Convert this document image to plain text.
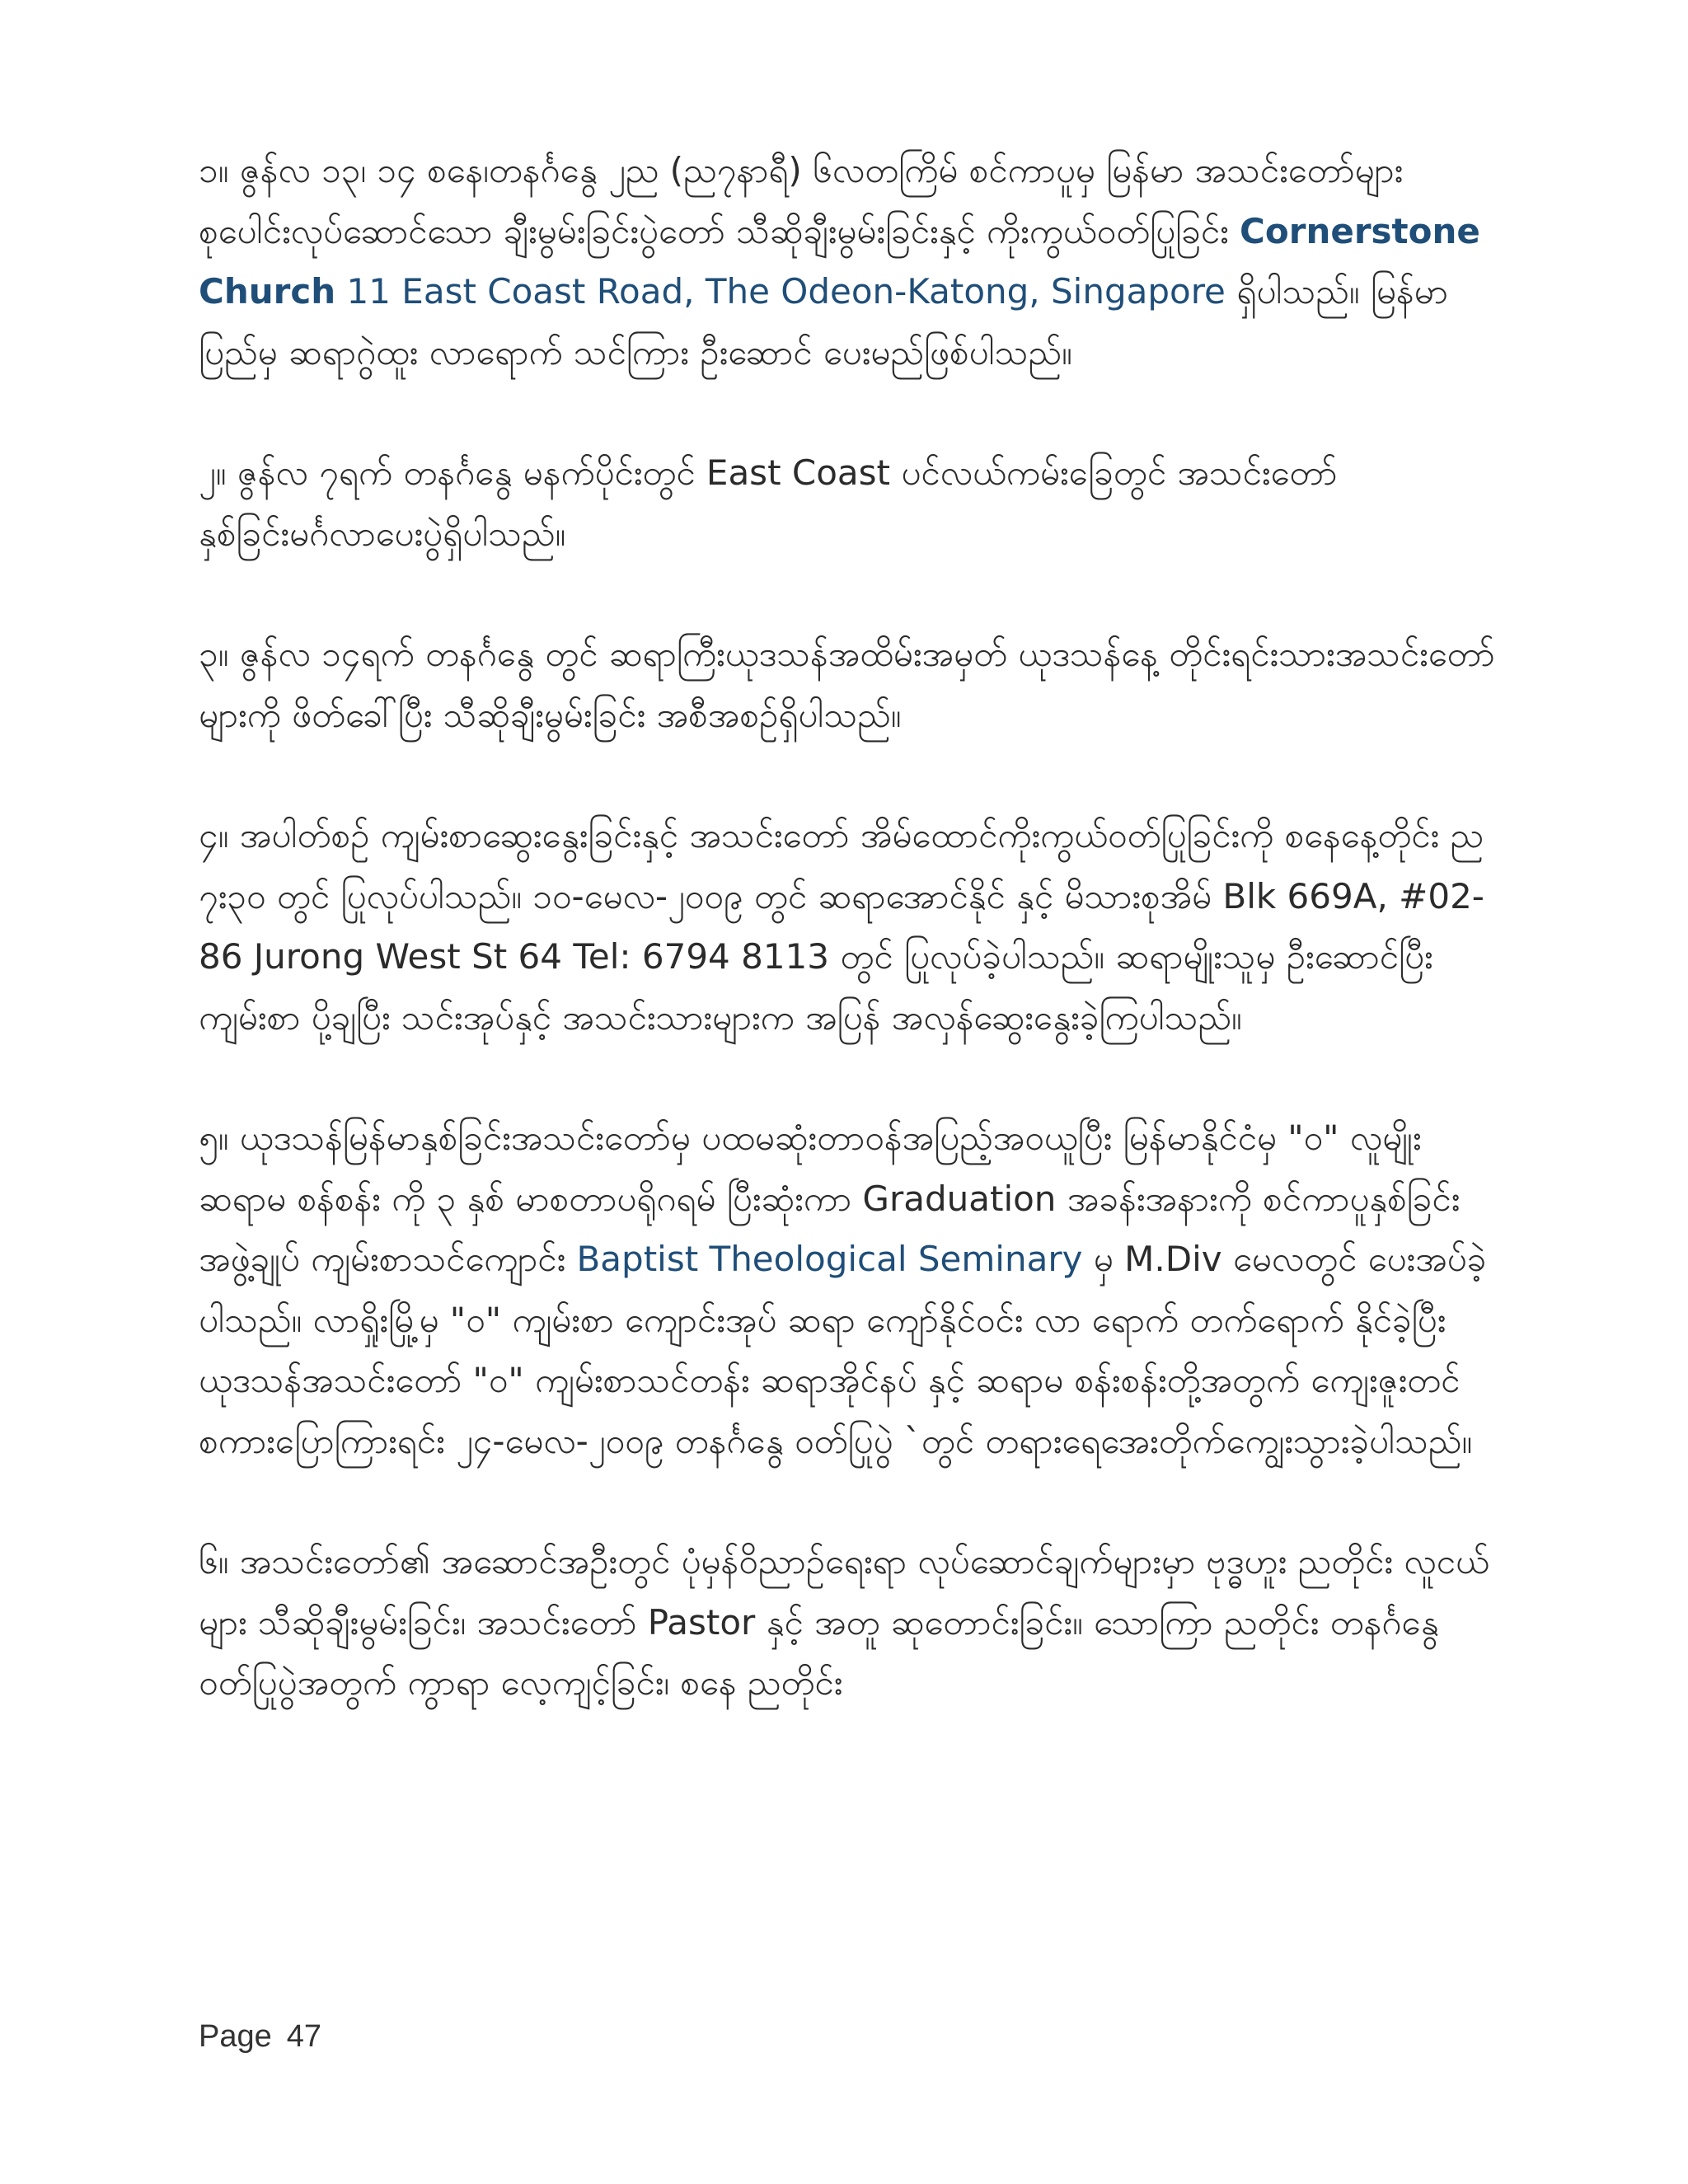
၁။ ဇွန်လ ၁၃၊ ၁၄ စနေ၊တနင်္ဂနွေ ၂ည (ည၇နာရီ) ၆လတကြိမ် စင်ကာပူမှ မြန်မာ အသင်းတော်များ စုပေါင်းလုပ်ဆောင်သော ချီးမွမ်းခြင်းပွဲတော် သီဆိုချီးမွမ်းခြင်းနှင့် ကိုးကွယ်ဝတ်ပြုခြင်း Cornerstone Church 11 East Coast Road, The Odeon-Katong, Singapore ရှိပါသည်။ မြန်မာပြည်မှ ဆရာဂွဲထူး လာရောက် သင်ကြား ဦးဆောင် ပေးမည်ဖြစ်ပါသည်။

၂။ ဇွန်လ ၇ရက် တနင်္ဂနွေ မနက်ပိုင်းတွင် East Coast ပင်လယ်ကမ်းခြေတွင် အသင်းတော် နှစ်ခြင်းမင်္ဂလာပေးပွဲရှိပါသည်။

၃။ ဇွန်လ ၁၄ရက် တနင်္ဂနွေ တွင် ဆရာကြီးယုဒသန်အထိမ်းအမှတ် ယုဒသန်နေ့ တိုင်းရင်းသားအသင်းတော်များကို ဖိတ်ခေါ်ပြီး သီဆိုချီးမွမ်းခြင်း အစီအစဉ်ရှိပါသည်။

၄။ အပါတ်စဉ် ကျမ်းစာဆွေးနွေးခြင်းနှင့် အသင်းတော် အိမ်ထောင်ကိုးကွယ်ဝတ်ပြုခြင်းကို စနေနေ့တိုင်း ည ၇း၃၀ တွင် ပြုလုပ်ပါသည်။ ၁၀-မေလ-၂၀၀၉ တွင် ဆရာအောင်နိုင် နှင့် မိသားစုအိမ် Blk 669A, #02-86 Jurong West St 64 Tel: 6794 8113 တွင် ပြုလုပ်ခဲ့ပါသည်။ ဆရာမျိုးသူမှ ဦးဆောင်ပြီး ကျမ်းစာ ပို့ချပြီး သင်းအုပ်နှင့် အသင်းသားများက အပြန် အလှန်ဆွေးနွေးခဲ့ကြပါသည်။

၅။ ယုဒသန်မြန်မာနှစ်ခြင်းအသင်းတော်မှ ပထမဆုံးတာဝန်အပြည့်အဝယူပြီး မြန်မာနိုင်ငံမှ "ဝ" လူမျိုး ဆရာမ စန်စန်း ကို ၃ နှစ် မာစတာပရိုဂရမ် ပြီးဆုံးကာ Graduation အခန်းအနားကို စင်ကာပူနှစ်ခြင်းအဖွဲ့ချုပ် ကျမ်းစာသင်ကျောင်း Baptist Theological Seminary မှ M.Div မေလတွင် ပေးအပ်ခဲ့ပါသည်။ လာရှိုးမြို့မှ "ဝ" ကျမ်းစာ ကျောင်းအုပ် ဆရာ ကျော်နိုင်ဝင်း လာ ရောက် တက်ရောက် နိုင်ခဲ့ပြီး ယုဒသန်အသင်းတော် "ဝ" ကျမ်းစာသင်တန်း ဆရာအိုင်နပ် နှင့် ဆရာမ စန်းစန်းတို့အတွက် ကျေးဇူးတင်စကားပြောကြားရင်း ၂၄-မေလ-၂၀၀၉ တနင်္ဂနွေ ဝတ်ပြုပွဲ `တွင် တရားရေအေးတိုက်ကျွေးသွားခဲ့ပါသည်။

၆။ အသင်းတော်၏ အဆောင်အဦးတွင် ပုံမှန်ဝိညာဉ်ရေးရာ လုပ်ဆောင်ချက်များမှာ ဗုဒ္ဓဟူး ညတိုင်း လူငယ်များ သီဆိုချီးမွမ်းခြင်း၊ အသင်းတော် Pastor နှင့် အတူ ဆုတောင်းခြင်း။ သောကြာ ညတိုင်း တနင်္ဂနွေဝတ်ပြုပွဲအတွက် ကွာရာ လေ့ကျင့်ခြင်း၊ စနေ ညတိုင်း

Page 47
